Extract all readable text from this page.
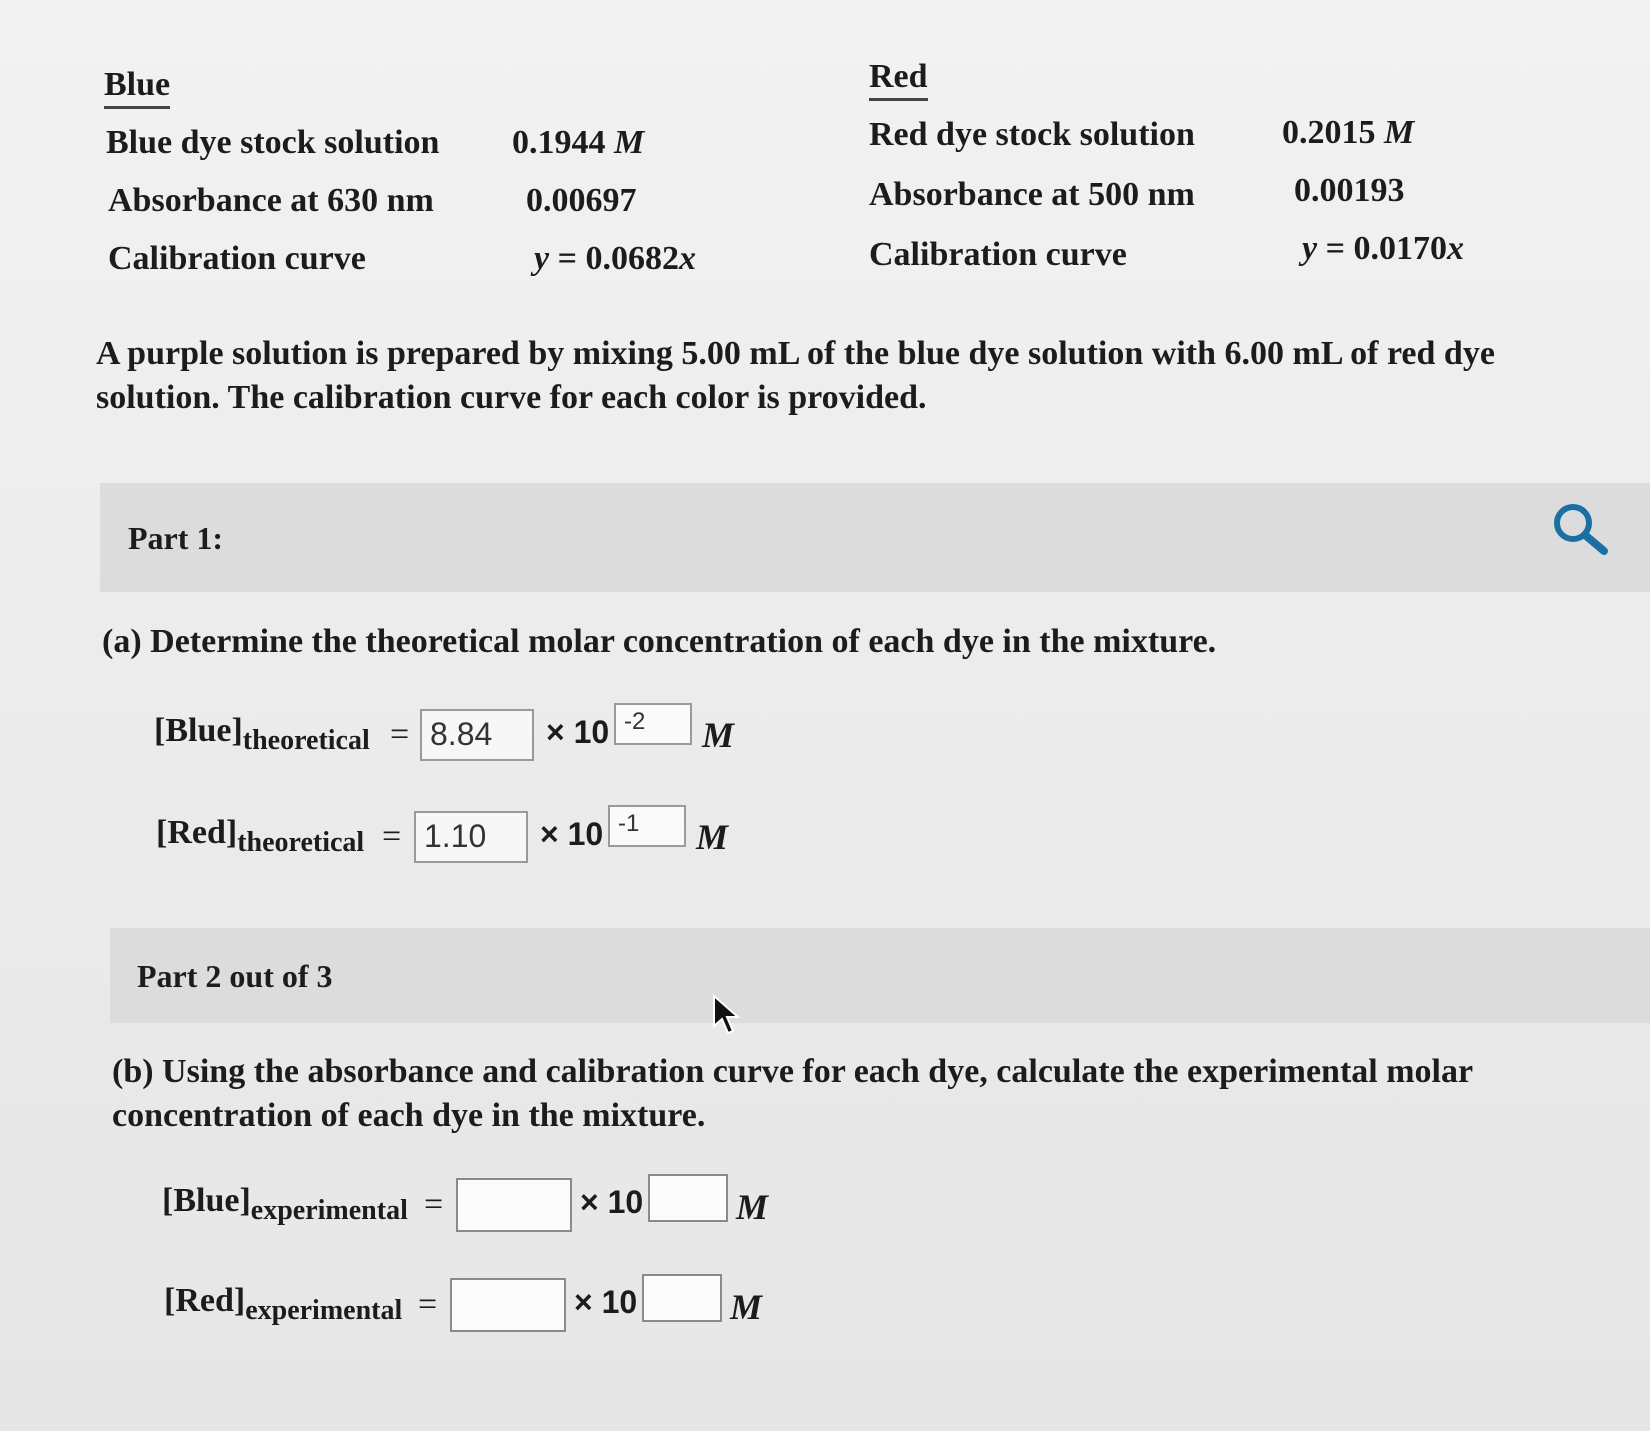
Blue
Blue dye stock solution 0.1944 M
Absorbance at 630 nm	0.00697
Calibration curve	y = 0.0682x
Red
Red dye stock solution	0.2015 M
Absorbance at 500 nm	0.00193
Calibration curve	y = 0.0170x
A purple solution is prepared by mixing 5.00 mL of the blue dye solution with 6.00 mL of red dye solution. The calibration curve for each color is provided.
Part 1:
(a) Determine the theoretical molar concentration of each dye in the mixture.
$[Blue]_{theoretical} = 8.84$	× 10 -2	M
$[Red]_{theoretical} = 1.10$	× 10 -1	M
Part 2 out of 3
(b) Using the absorbance and calibration curve for each dye, calculate the experimental molar concentration of each dye in the mixture.
$[Blue]_{experimental}$ =	× 10	M
$[Red]_{experimental}$ =	× 10	M
